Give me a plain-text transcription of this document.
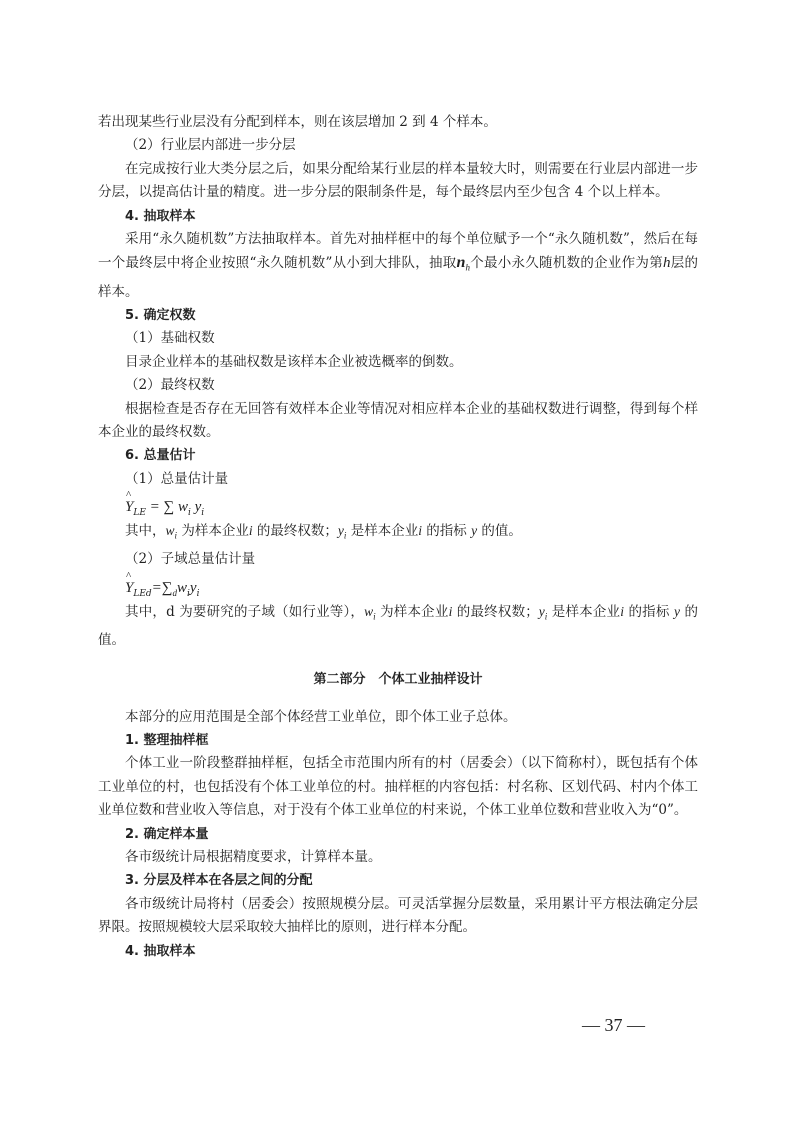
若出现某些行业层没有分配到样本，则在该层增加 2 到 4 个样本。

（2）行业层内部进一步分层

在完成按行业大类分层之后，如果分配给某行业层的样本量较大时，则需要在行业层内部进一步分层，以提高估计量的精度。进一步分层的限制条件是，每个最终层内至少包含 4 个以上样本。

4. 抽取样本

采用“永久随机数”方法抽取样本。首先对抽样框中的每个单位赋予一个“永久随机数”，然后在每一个最终层中将企业按照“永久随机数”从小到大排队，抽取$n_h$个最小永久随机数的企业作为第h层的样本。

5. 确定权数

（1）基础权数

目录企业样本的基础权数是该样本企业被选概率的倒数。

（2）最终权数

根据检查是否存在无回答有效样本企业等情况对相应样本企业的基础权数进行调整，得到每个样本企业的最终权数。

6. 总量估计

（1）总量估计量

^ $Y_{LE}$ = ∑ $w_i$ $y_i$

其中，$w_i$ 为样本企业i 的最终权数；$y_i$ 是样本企业i 的指标 y 的值。

（2）子域总量估计量

^ $Y_{LEd}=\sum_dw_iy_i$

其中，d 为要研究的子域（如行业等），$w_i$ 为样本企业i 的最终权数；$y_i$ 是样本企业i 的指标 y 的值。

第二部分　个体工业抽样设计

本部分的应用范围是全部个体经营工业单位，即个体工业子总体。

1. 整理抽样框

个体工业一阶段整群抽样框，包括全市范围内所有的村（居委会）（以下简称村），既包括有个体工业单位的村，也包括没有个体工业单位的村。抽样框的内容包括：村名称、区划代码、村内个体工业单位数和营业收入等信息，对于没有个体工业单位的村来说，个体工业单位数和营业收入为“0”。

2. 确定样本量

各市级统计局根据精度要求，计算样本量。

3. 分层及样本在各层之间的分配

各市级统计局将村（居委会）按照规模分层。可灵活掌握分层数量，采用累计平方根法确定分层界限。按照规模较大层采取较大抽样比的原则，进行样本分配。

4. 抽取样本

— 37 —
